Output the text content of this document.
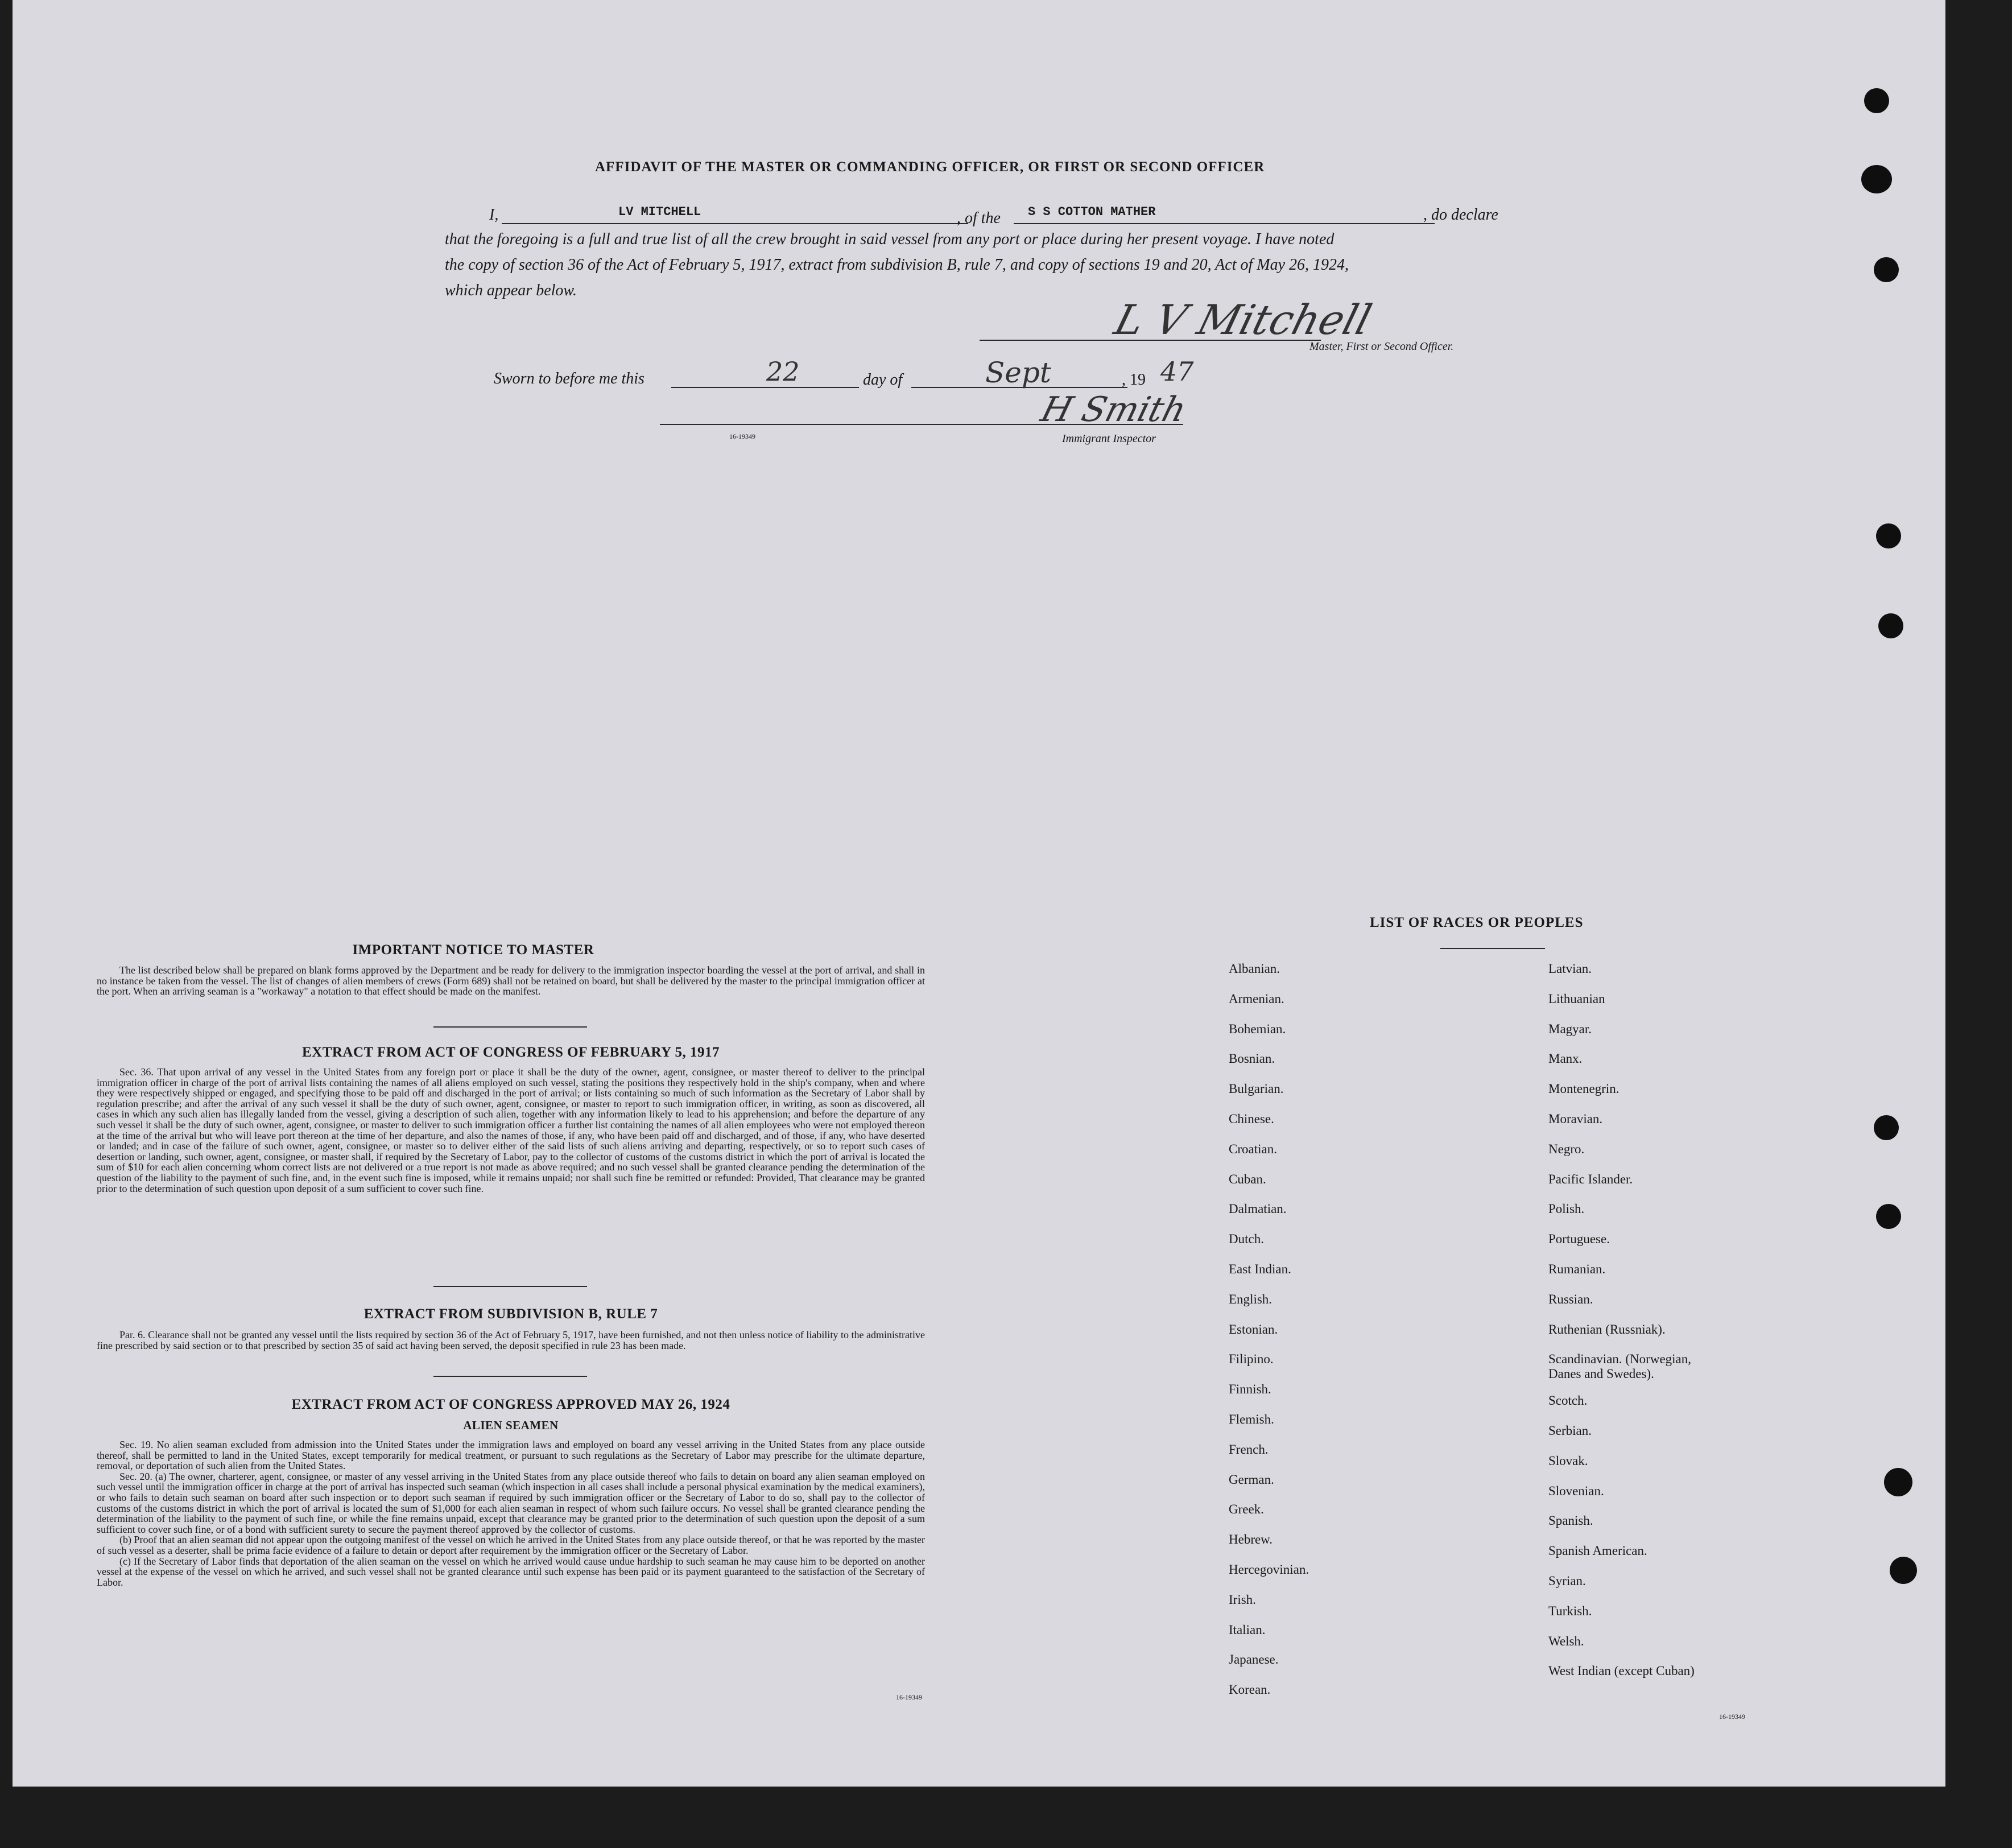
AFFIDAVIT OF THE MASTER OR COMMANDING OFFICER, OR FIRST OR SECOND OFFICER
I,	LV MITCHELL	, of the S S COTTON MATHER	, do declare
that the foregoing is a full and true list of all the crew brought in said vessel from any port or place during her present voyage. I have noted
the copy of section 36 of the Act of February 5, 1917, extract from subdivision B, rule 7, and copy of sections 19 and 20, Act of May 26, 1924,
which appear below.
L V Mitchell
Master, First or Second Officer.
Sworn to before me this	22	day of	Sept	, 19 47
H Smith
16-19349	Immigrant Inspector
IMPORTANT NOTICE TO MASTER

The list described below shall be prepared on blank forms approved by the Department and be ready for delivery to the immigration inspector boarding the vessel at the port of arrival, and shall in no instance be taken from the vessel. The list of changes of alien members of crews (Form 689) shall not be retained on board, but shall be delivered by the master to the principal immigration officer at the port. When an arriving seaman is a "workaway" a notation to that effect should be made on the manifest.

EXTRACT FROM ACT OF CONGRESS OF FEBRUARY 5, 1917

Sec. 36. That upon arrival of any vessel in the United States from any foreign port or place it shall be the duty of the owner, agent, consignee, or master thereof to deliver to the principal immigration officer in charge of the port of arrival lists containing the names of all aliens employed on such vessel, stating the positions they respectively hold in the ship's company, when and where they were respectively shipped or engaged, and specifying those to be paid off and discharged in the port of arrival; or lists containing so much of such information as the Secretary of Labor shall by regulation prescribe; and after the arrival of any such vessel it shall be the duty of such owner, agent, consignee, or master to report to such immigration officer, in writing, as soon as discovered, all cases in which any such alien has illegally landed from the vessel, giving a description of such alien, together with any information likely to lead to his apprehension; and before the departure of any such vessel it shall be the duty of such owner, agent, consignee, or master to deliver to such immigration officer a further list containing the names of all alien employees who were not employed thereon at the time of the arrival but who will leave port thereon at the time of her departure, and also the names of those, if any, who have been paid off and discharged, and of those, if any, who have deserted or landed; and in case of the failure of such owner, agent, consignee, or master so to deliver either of the said lists of such aliens arriving and departing, respectively, or so to report such cases of desertion or landing, such owner, agent, consignee, or master shall, if required by the Secretary of Labor, pay to the collector of customs of the customs district in which the port of arrival is located the sum of $10 for each alien concerning whom correct lists are not delivered or a true report is not made as above required; and no such vessel shall be granted clearance pending the determination of the question of the liability to the payment of such fine, and, in the event such fine is imposed, while it remains unpaid; nor shall such fine be remitted or refunded: Provided, That clearance may be granted prior to the determination of such question upon deposit of a sum sufficient to cover such fine.

EXTRACT FROM SUBDIVISION B, RULE 7

Par. 6. Clearance shall not be granted any vessel until the lists required by section 36 of the Act of February 5, 1917, have been furnished, and not then unless notice of liability to the administrative fine prescribed by said section or to that prescribed by section 35 of said act having been served, the deposit specified in rule 23 has been made.

EXTRACT FROM ACT OF CONGRESS APPROVED MAY 26, 1924
ALIEN SEAMEN

Sec. 19. No alien seaman excluded from admission into the United States under the immigration laws and employed on board any vessel arriving in the United States from any place outside thereof, shall be permitted to land in the United States, except temporarily for medical treatment, or pursuant to such regulations as the Secretary of Labor may prescribe for the ultimate departure, removal, or deportation of such alien from the United States.

Sec. 20. (a) The owner, charterer, agent, consignee, or master of any vessel arriving in the United States from any place outside thereof who fails to detain on board any alien seaman employed on such vessel until the immigration officer in charge at the port of arrival has inspected such seaman (which inspection in all cases shall include a personal physical examination by the medical examiners), or who fails to detain such seaman on board after such inspection or to deport such seaman if required by such immigration officer or the Secretary of Labor to do so, shall pay to the collector of customs of the customs district in which the port of arrival is located the sum of $1,000 for each alien seaman in respect of whom such failure occurs. No vessel shall be granted clearance pending the determination of the liability to the payment of such fine, or while the fine remains unpaid, except that clearance may be granted prior to the determination of such question upon the deposit of a sum sufficient to cover such fine, or of a bond with sufficient surety to secure the payment thereof approved by the collector of customs.

(b) Proof that an alien seaman did not appear upon the outgoing manifest of the vessel on which he arrived in the United States from any place outside thereof, or that he was reported by the master of such vessel as a deserter, shall be prima facie evidence of a failure to detain or deport after requirement by the immigration officer or the Secretary of Labor.

(c) If the Secretary of Labor finds that deportation of the alien seaman on the vessel on which he arrived would cause undue hardship to such seaman he may cause him to be deported on another vessel at the expense of the vessel on which he arrived, and such vessel shall not be granted clearance until such expense has been paid or its payment guaranteed to the satisfaction of the Secretary of Labor.

16-19349
LIST OF RACES OR PEOPLES
Albanian.
Armenian.
Bohemian.
Bosnian.
Bulgarian.
Chinese.
Croatian.
Cuban.
Dalmatian.
Dutch.
East Indian.
English.
Estonian.
Filipino.
Finnish.
Flemish.
French.
German.
Greek.
Hebrew.
Hercegovinian.
Irish.
Italian.
Japanese.
Korean.
Latvian.
Lithuanian
Magyar.
Manx.
Montenegrin.
Moravian.
Negro.
Pacific Islander.
Polish.
Portuguese.
Rumanian.
Russian.
Ruthenian (Russniak).
Scandinavian. (Norwegian,
Danes and Swedes).
Scotch.
Serbian.
Slovak.
Slovenian.
Spanish.
Spanish American.
Syrian.
Turkish.
Welsh.
West Indian (except Cuban)
16-19349
